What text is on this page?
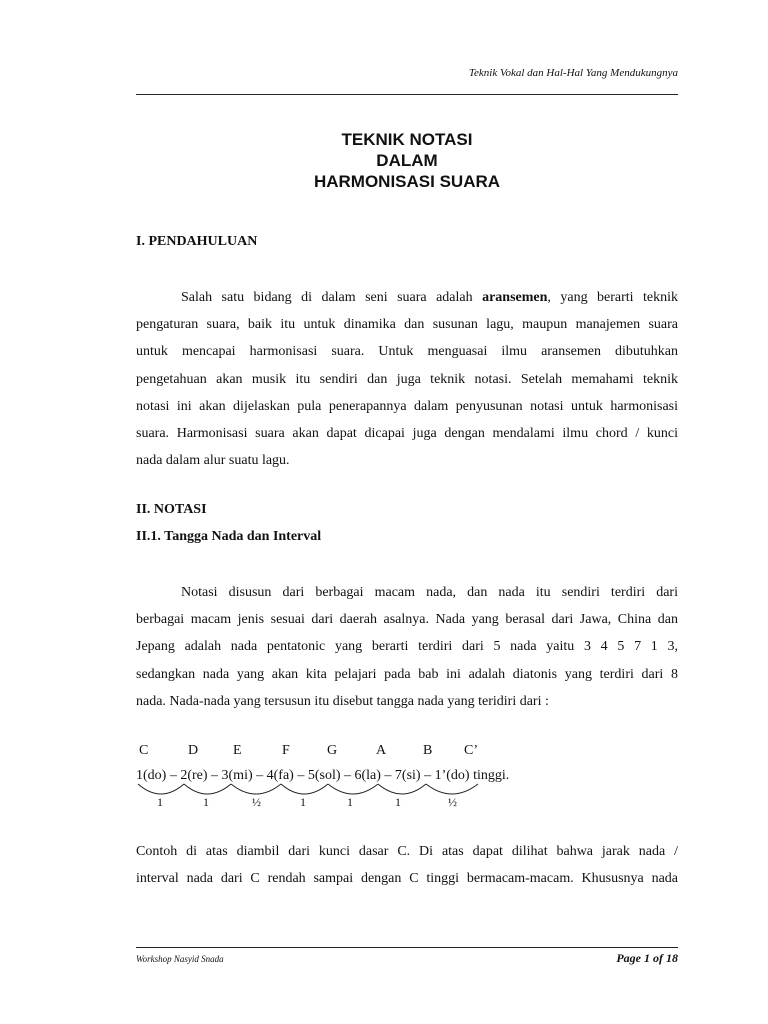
Teknik Vokal dan Hal-Hal Yang Mendukungnya
TEKNIK NOTASI
DALAM
HARMONISASI SUARA
I. PENDAHULUAN
Salah satu bidang di dalam seni suara adalah aransemen, yang berarti teknik
pengaturan suara, baik itu untuk dinamika dan susunan lagu, maupun manajemen suara
untuk mencapai harmonisasi suara. Untuk menguasai ilmu aransemen dibutuhkan
pengetahuan akan musik itu sendiri dan juga teknik notasi. Setelah memahami teknik
notasi ini akan dijelaskan pula penerapannya dalam penyusunan notasi untuk harmonisasi
suara. Harmonisasi suara akan dapat dicapai juga dengan mendalami ilmu chord / kunci
nada dalam alur suatu lagu.
II. NOTASI
II.1. Tangga Nada dan Interval
Notasi disusun dari berbagai macam nada, dan nada itu sendiri terdiri dari
berbagai macam jenis sesuai dari daerah asalnya. Nada yang berasal dari Jawa, China dan
Jepang adalah nada pentatonic yang berarti terdiri dari 5 nada yaitu 3 4 5 7 1 3,
sedangkan nada yang akan kita pelajari pada bab ini adalah diatonis yang terdiri dari 8
nada. Nada-nada yang tersusun itu disebut tangga nada yang teridiri dari :
C	D E	F	G	A	B C’
1(do) – 2(re) – 3(mi) – 4(fa) – 5(sol) – 6(la) – 7(si) – 1’(do) tinggi.
1	1	½	1	1	1	½
Contoh di atas diambil dari kunci dasar C. Di atas dapat dilihat bahwa jarak nada /
interval nada dari C rendah sampai dengan C tinggi bermacam-macam. Khususnya nada
Workshop Nasyid Snada	Page 1 of 18
